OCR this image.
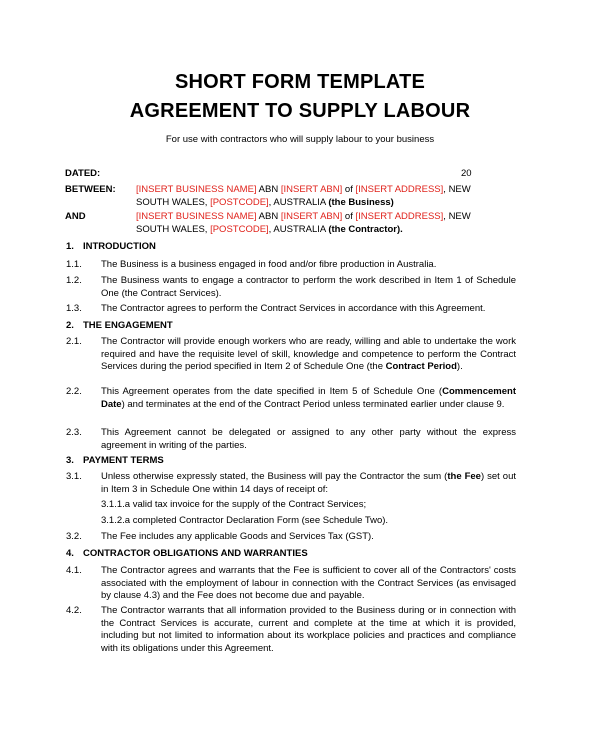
SHORT FORM TEMPLATE
AGREEMENT TO SUPPLY LABOUR
For use with contractors who will supply labour to your business
DATED:	20
BETWEEN: [INSERT BUSINESS NAME] ABN [INSERT ABN] of [INSERT ADDRESS], NEW
SOUTH WALES, [POSTCODE], AUSTRALIA (the Business)
AND	[INSERT BUSINESS NAME] ABN [INSERT ABN] of [INSERT ADDRESS], NEW
SOUTH WALES, [POSTCODE], AUSTRALIA (the Contractor).
1. INTRODUCTION
1.1. The Business is a business engaged in food and/or fibre production in Australia.
1.2. The Business wants to engage a contractor to perform the work described in Item 1 of Schedule One (the Contract Services).
1.3. The Contractor agrees to perform the Contract Services in accordance with this Agreement.
2. THE ENGAGEMENT
2.1. The Contractor will provide enough workers who are ready, willing and able to undertake the work required and have the requisite level of skill, knowledge and competence to perform the Contract Services during the period specified in Item 2 of Schedule One (the Contract Period).
2.2. This Agreement operates from the date specified in Item 5 of Schedule One (Commencement Date) and terminates at the end of the Contract Period unless terminated earlier under clause 9.
2.3. This Agreement cannot be delegated or assigned to any other party without the express agreement in writing of the parties.
3. PAYMENT TERMS
3.1. Unless otherwise expressly stated, the Business will pay the Contractor the sum (the Fee) set out in Item 3 in Schedule One within 14 days of receipt of:
3.1.1.a valid tax invoice for the supply of the Contract Services;
3.1.2.a completed Contractor Declaration Form (see Schedule Two).
3.2. The Fee includes any applicable Goods and Services Tax (GST).
4. CONTRACTOR OBLIGATIONS AND WARRANTIES
4.1. The Contractor agrees and warrants that the Fee is sufficient to cover all of the Contractors' costs associated with the employment of labour in connection with the Contract Services (as envisaged by clause 4.3) and the Fee does not become due and payable.
4.2. The Contractor warrants that all information provided to the Business during or in connection with the Contract Services is accurate, current and complete at the time at which it is provided, including but not limited to information about its workplace policies and practices and compliance with its obligations under this Agreement.
